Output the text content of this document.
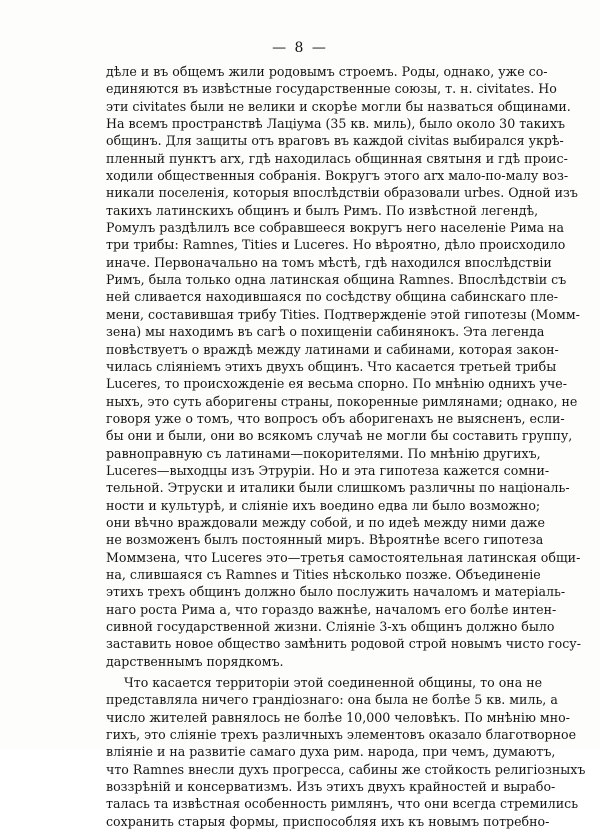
— 8 —
дѣле и въ общемъ жили родовымъ строемъ. Роды, однако, уже со-
единяются въ извѣстные государственные союзы, т. н. civitates. Но
эти civitates были не велики и скорѣе могли бы назваться общинами.
На всемъ пространствѣ Лаціума (35 кв. миль), было около 30 такихъ
общинъ. Для защиты отъ враговъ въ каждой civitas выбирался укрѣ-
пленный пунктъ arx, гдѣ находилась общинная святыня и гдѣ проис-
ходили общественныя собранія. Вокругъ этого arx мало-по-малу воз-
никали поселенія, которыя впослѣдствіи образовали urbes. Одной изъ
такихъ латинскихъ общинъ и былъ Римъ. По извѣстной легендѣ,
Ромулъ раздѣлилъ все собравшееся вокругъ него населеніе Рима на
три трибы: Ramnes, Tities и Luceres. Но вѣроятно, дѣло происходило
иначе. Первоначально на томъ мѣстѣ, гдѣ находился впослѣдствіи
Римъ, была только одна латинская община Ramnes. Впослѣдствіи съ
ней сливается находившаяся по сосѣдству община сабинскаго пле-
мени, составившая трибу Tities. Подтвержденіе этой гипотезы (Момм-
зена) мы находимъ въ сагѣ о похищеніи сабинянокъ. Эта легенда
повѣствуетъ о враждѣ между латинами и сабинами, которая закон-
чилась сліяніемъ этихъ двухъ общинъ. Что касается третьей трибы
Luceres, то происхожденіе ея весьма спорно. По мнѣнію однихъ уче-
ныхъ, это суть аборигены страны, покоренные римлянами; однако, не
говоря уже о томъ, что вопросъ объ аборигенахъ не выясненъ, если-
бы они и были, они во всякомъ случаѣ не могли бы составить группу,
равноправную съ латинами—покорителями. По мнѣнію другихъ,
Luceres—выходцы изъ Этруріи. Но и эта гипотеза кажется сомни-
тельной. Этруски и италики были слишкомъ различны по національ-
ности и культурѣ, и сліяніе ихъ воедино едва ли было возможно;
они вѣчно враждовали между собой, и по идеѣ между ними даже
не возможенъ былъ постоянный миръ. Вѣроятнѣе всего гипотеза
Моммзена, что Luceres это—третья самостоятельная латинская общи-
на, слившаяся съ Ramnes и Tities нѣсколько позже. Объединеніе
этихъ трехъ общинъ должно было послужить началомъ и матеріаль-
наго роста Рима а, что гораздо важнѣе, началомъ его болѣе интен-
сивной государственной жизни. Сліяніе 3-хъ общинъ должно было
заставить новое общество замѣнить родовой строй новымъ чисто госу-
дарственнымъ порядкомъ.
Что касается территоріи этой соединенной общины, то она не
представляла ничего грандіознаго: она была не болѣе 5 кв. миль, а
число жителей равнялось не болѣе 10,000 человѣкъ. По мнѣнію мно-
гихъ, это сліяніе трехъ различныхъ элементовъ оказало благотворное
вліяніе и на развитіе самаго духа рим. народа, при чемъ, думаютъ,
что Ramnes внесли духъ прогресса, сабины же стойкость религіозныхъ
воззрѣній и консерватизмъ. Изъ этихъ двухъ крайностей и вырабо-
талась та извѣстная особенность римлянъ, что они всегда стремились
сохранить старыя формы, приспособляя ихъ къ новымъ потребно-
